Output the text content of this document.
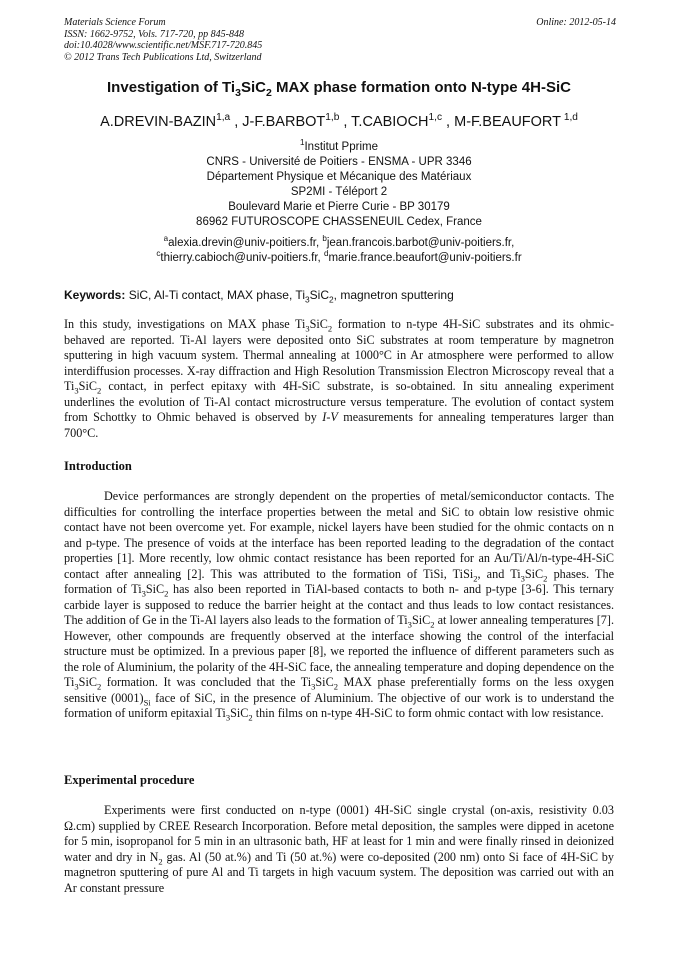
Materials Science Forum
ISSN: 1662-9752, Vols. 717-720, pp 845-848
doi:10.4028/www.scientific.net/MSF.717-720.845
© 2012 Trans Tech Publications Ltd, Switzerland
Online: 2012-05-14
Investigation of $Ti_3SiC_2$ MAX phase formation onto N-type 4H-SiC
A.DREVIN-BAZIN$^{1,a}$ , J-F.BARBOT$^{1,b}$ , T.CABIOCH$^{1,c}$ , M-F.BEAUFORT $^{1,d}$
$^1$Institut Pprime
CNRS - Université de Poitiers - ENSMA - UPR 3346
Département Physique et Mécanique des Matériaux
SP2MI - Téléport 2
Boulevard Marie et Pierre Curie - BP 30179
86962 FUTUROSCOPE CHASSENEUIL Cedex, France
$^a$alexia.drevin@univ-poitiers.fr, $^b$jean.francois.barbot@univ-poitiers.fr,
$^c$thierry.cabioch@univ-poitiers.fr, $^d$marie.france.beaufort@univ-poitiers.fr
Keywords: SiC, Al-Ti contact, MAX phase, $Ti_3SiC_2$, magnetron sputtering
In this study, investigations on MAX phase $Ti_3SiC_2$ formation to n-type 4H-SiC substrates and its ohmic-behaved are reported. Ti-Al layers were deposited onto SiC substrates at room temperature by magnetron sputtering in high vacuum system. Thermal annealing at 1000°C in Ar atmosphere were performed to allow interdiffusion processes. X-ray diffraction and High Resolution Transmission Electron Microscopy reveal that a $Ti_3SiC_2$ contact, in perfect epitaxy with 4H-SiC substrate, is so-obtained. In situ annealing experiment underlines the evolution of Ti-Al contact microstructure versus temperature. The evolution of contact system from Schottky to Ohmic behaved is observed by I-V measurements for annealing temperatures larger than 700°C.
Introduction
Device performances are strongly dependent on the properties of metal/semiconductor contacts. The difficulties for controlling the interface properties between the metal and SiC to obtain low resistive ohmic contact have not been overcome yet. For example, nickel layers have been studied for the ohmic contacts on n and p-type. The presence of voids at the interface has been reported leading to the degradation of the contact properties [1]. More recently, low ohmic contact resistance has been reported for an Au/Ti/Al/n-type-4H-SiC contact after annealing [2]. This was attributed to the formation of TiSi, TiSi$_2$, and $Ti_3SiC_2$ phases. The formation of $Ti_3SiC_2$ has also been reported in TiAl-based contacts to both n- and p-type [3-6]. This ternary carbide layer is supposed to reduce the barrier height at the contact and thus leads to low contact resistances. The addition of Ge in the Ti-Al layers also leads to the formation of $Ti_3SiC_2$ at lower annealing temperatures [7]. However, other compounds are frequently observed at the interface showing the control of the interfacial structure must be optimized. In a previous paper [8], we reported the influence of different parameters such as the role of Aluminium, the polarity of the 4H-SiC face, the annealing temperature and doping dependence on the $Ti_3SiC_2$ formation. It was concluded that the $Ti_3SiC_2$ MAX phase preferentially forms on the less oxygen sensitive $(0001)_{Si}$ face of SiC, in the presence of Aluminium. The objective of our work is to understand the formation of uniform epitaxial $Ti_3SiC_2$ thin films on n-type 4H-SiC to form ohmic contact with low resistance.
Experimental procedure
Experiments were first conducted on n-type (0001) 4H-SiC single crystal (on-axis, resistivity 0.03 Ω.cm) supplied by CREE Research Incorporation. Before metal deposition, the samples were dipped in acetone for 5 min, isopropanol for 5 min in an ultrasonic bath, HF at least for 1 min and were finally rinsed in deionized water and dry in $N_2$ gas. Al (50 at.%) and Ti (50 at.%) were co-deposited (200 nm) onto Si face of 4H-SiC by magnetron sputtering of pure Al and Ti targets in high vacuum system. The deposition was carried out with an Ar constant pressure
